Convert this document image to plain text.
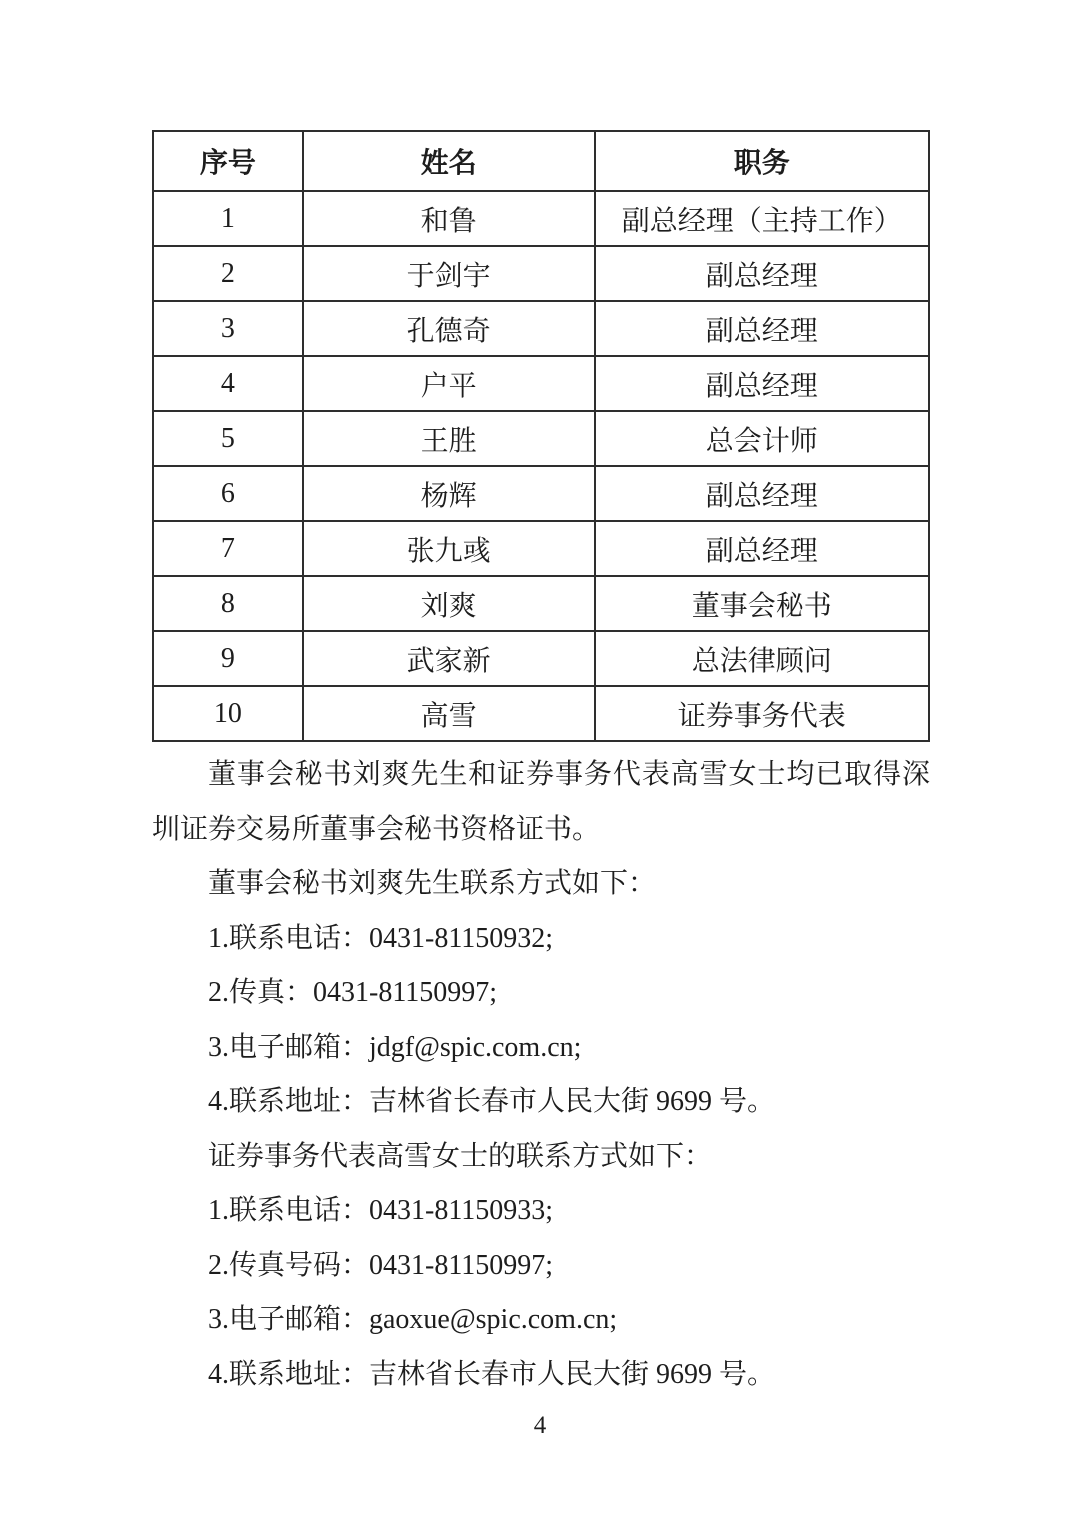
序号	姓名	职务
1	和鲁	副总经理（主持工作）
2	于剑宇	副总经理
3	孔德奇	副总经理
4	户平	副总经理
5	王胜	总会计师
6	杨辉	副总经理
7	张九彧	副总经理
8	刘爽	董事会秘书
9	武家新	总法律顾问
10	高雪	证券事务代表

董事会秘书刘爽先生和证券事务代表高雪女士均已取得深圳证券交易所董事会秘书资格证书。

董事会秘书刘爽先生联系方式如下：

1.联系电话：0431-81150932;

2.传真：0431-81150997;

3.电子邮箱：jdgf@spic.com.cn;

4.联系地址：吉林省长春市人民大街 9699 号。

证券事务代表高雪女士的联系方式如下：

1.联系电话：0431-81150933;

2.传真号码：0431-81150997;

3.电子邮箱：gaoxue@spic.com.cn;

4.联系地址：吉林省长春市人民大街 9699 号。

4
